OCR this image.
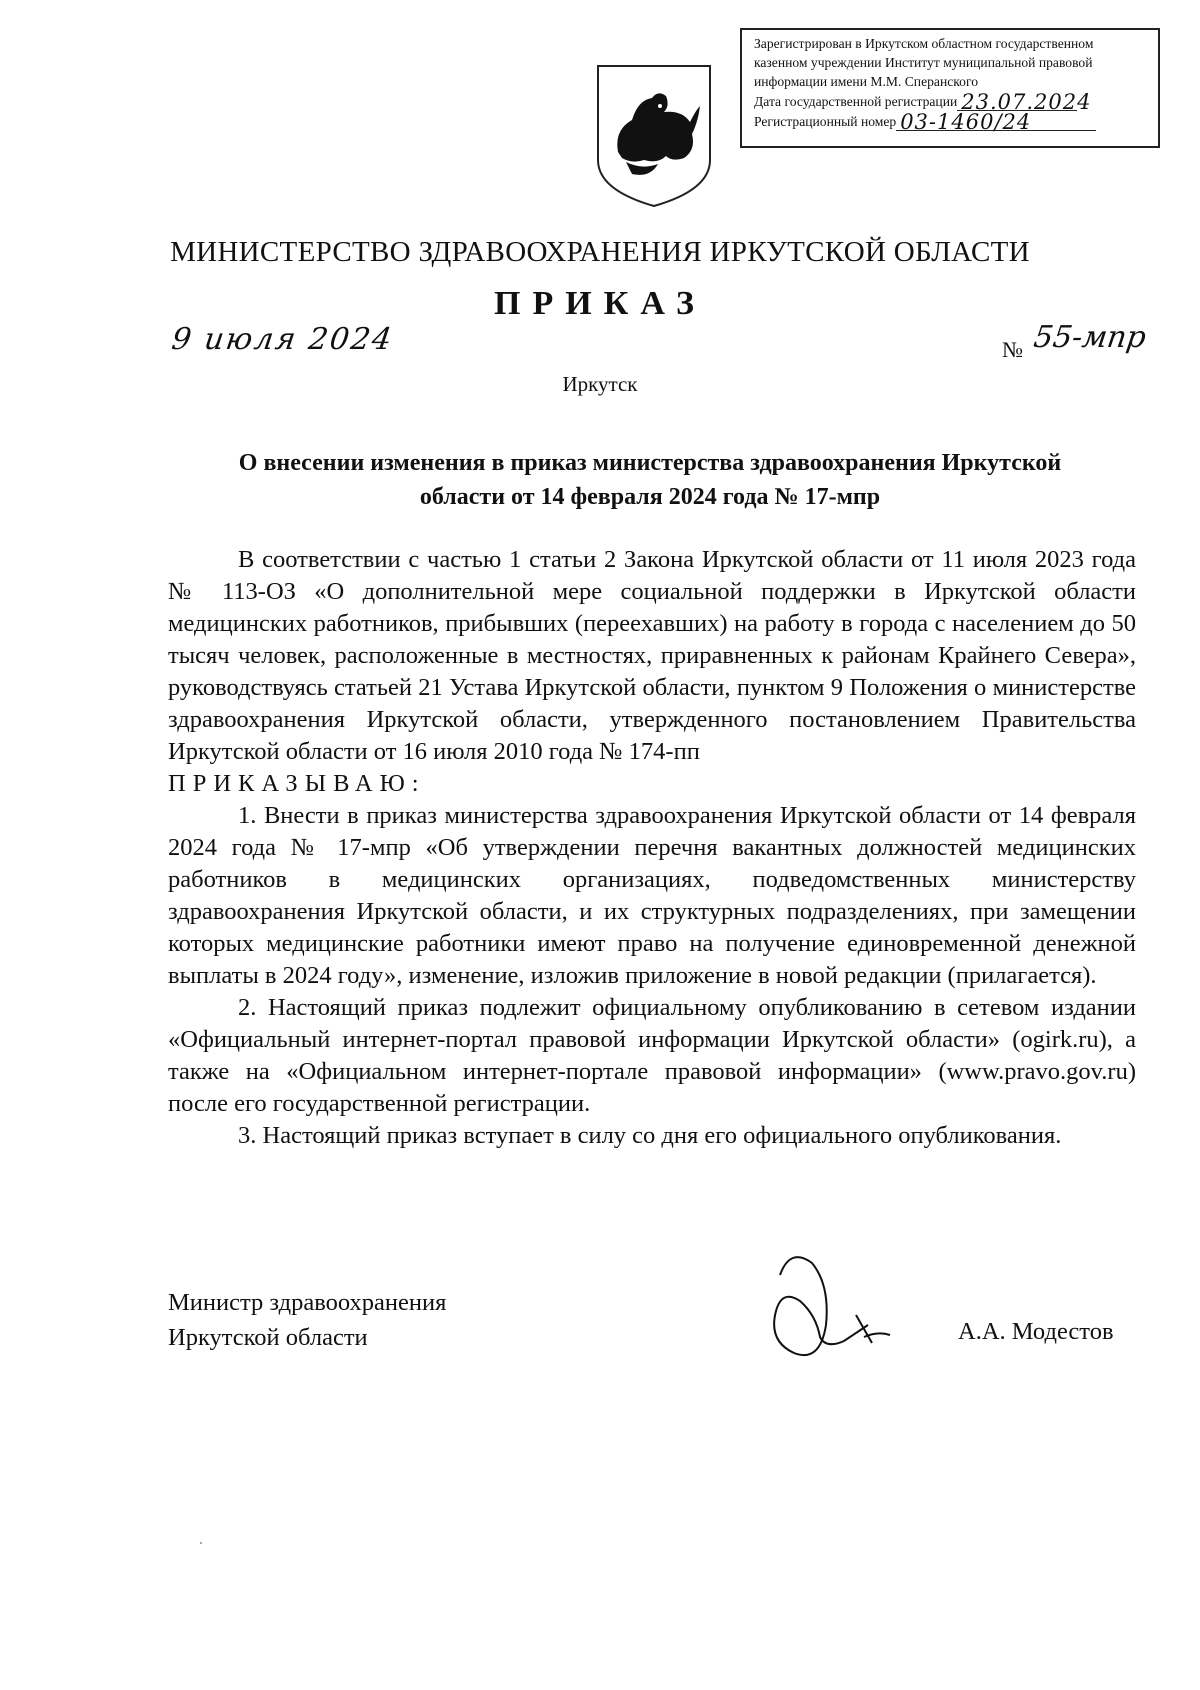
Зарегистрирован в Иркутском областном государственном
казенном учреждении Институт муниципальной правовой
информации имени М.М. Сперанского
Дата государственной регистрации 23.07.2024
Регистрационный номер 03-1460/24
МИНИСТЕРСТВО ЗДРАВООХРАНЕНИЯ ИРКУТСКОЙ ОБЛАСТИ
ПРИКАЗ
9 июля 2024	№ 55-мпр
Иркутск
О внесении изменения в приказ министерства здравоохранения Иркутской
области от 14 февраля 2024 года № 17-мпр

В соответствии с частью 1 статьи 2 Закона Иркутской области от 11 июля 2023 года № 113-ОЗ «О дополнительной мере социальной поддержки в Иркутской области медицинских работников, прибывших (переехавших) на работу в города с населением до 50 тысяч человек, расположенные в местностях, приравненных к районам Крайнего Севера», руководствуясь статьей 21 Устава Иркутской области, пунктом 9 Положения о министерстве здравоохранения Иркутской области, утвержденного постановлением Правительства Иркутской области от 16 июля 2010 года № 174-пп

ПРИКАЗЫВАЮ:

1. Внести в приказ министерства здравоохранения Иркутской области от 14 февраля 2024 года № 17-мпр «Об утверждении перечня вакантных должностей медицинских работников в медицинских организациях, подведомственных министерству здравоохранения Иркутской области, и их структурных подразделениях, при замещении которых медицинские работники имеют право на получение единовременной денежной выплаты в 2024 году», изменение, изложив приложение в новой редакции (прилагается).

2. Настоящий приказ подлежит официальному опубликованию в сетевом издании «Официальный интернет-портал правовой информации Иркутской области» (ogirk.ru), а также на «Официальном интернет-портале правовой информации» (www.pravo.gov.ru) после его государственной регистрации.

3. Настоящий приказ вступает в силу со дня его официального опубликования.

Министр здравоохранения
Иркутской области	А.А. Модестов
